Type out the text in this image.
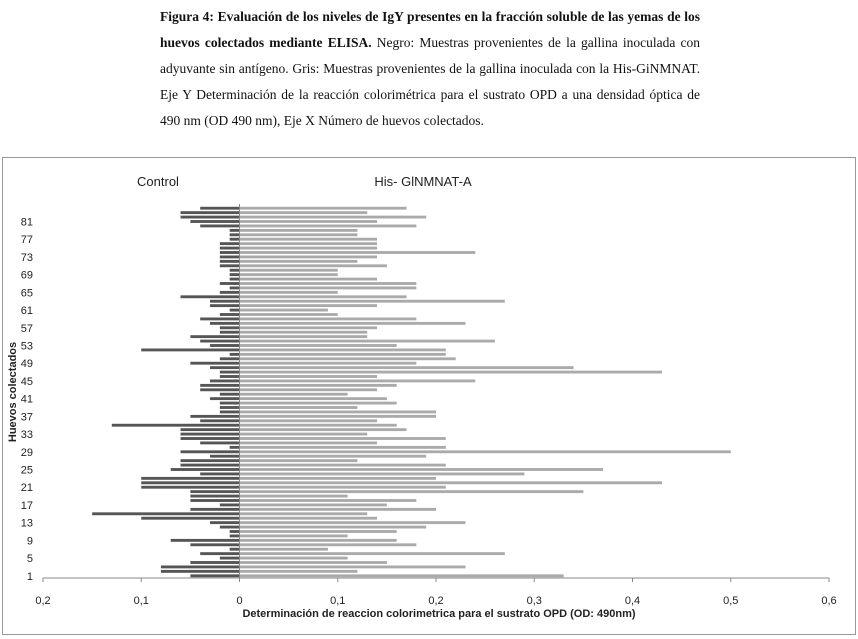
Figura 4: Evaluación de los niveles de IgY presentes en la fracción soluble de las yemas de los huevos colectados mediante ELISA. Negro: Muestras provenientes de la gallina inoculada con adyuvante sin antígeno. Gris: Muestras provenientes de la gallina inoculada con la His-GiNMNAT. Eje Y Determinación de la reacción colorimétrica para el sustrato OPD a una densidad óptica de 490 nm (OD 490 nm), Eje X Número de huevos colectados.
0,2	0,1	0	0,1	0,2	0,3	0,4	0,5	0,6
1
5
9
13
17
21
25
29
33
37
41
45
49
53
57
61
65
69
73
77
81
Determinación de reaccion colorimetrica para el sustrato OPD (OD: 490nm)
Huevos colectados
Control	His- GlNMNAT-A
